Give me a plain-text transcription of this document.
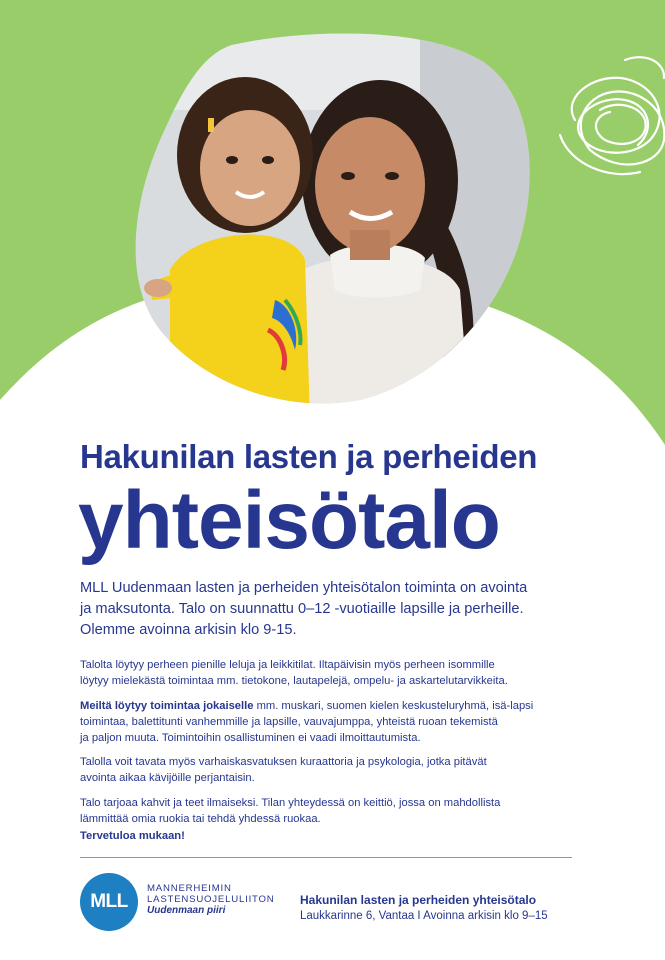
Hakunilan lasten ja perheiden
yhteisötalo
MLL Uudenmaan lasten ja perheiden yhteisötalon toiminta on avointa
ja maksutonta. Talo on suunnattu 0–12 -vuotiaille lapsille ja perheille.
Olemme avoinna arkisin klo 9-15.
Talolta löytyy perheen pienille leluja ja leikkitilat. Iltapäivisin myös perheen isommille
löytyy mielekästä toimintaa mm. tietokone, lautapelejä, ompelu- ja askartelutarvikkeita.
Meiltä löytyy toimintaa jokaiselle mm. muskari, suomen kielen keskusteluryhmä, isä-lapsi
toimintaa, balettitunti vanhemmille ja lapsille, vauvajumppa, yhteistä ruoan tekemistä
ja paljon muuta. Toimintoihin osallistuminen ei vaadi ilmoittautumista.
Talolla voit tavata myös varhaiskasvatuksen kuraattoria ja psykologia, jotka pitävät
avointa aikaa kävijöille perjantaisin.
Talo tarjoaa kahvit ja teet ilmaiseksi. Tilan yhteydessä on keittiö, jossa on mahdollista
lämmittää omia ruokia tai tehdä yhdessä ruokaa.
Tervetuloa mukaan!
MLL
MANNERHEIMIN
LASTENSUOJELULIITON
Uudenmaan piiri
Hakunilan lasten ja perheiden yhteisötalo
Laukkarinne 6, Vantaa I Avoinna arkisin klo 9–15
